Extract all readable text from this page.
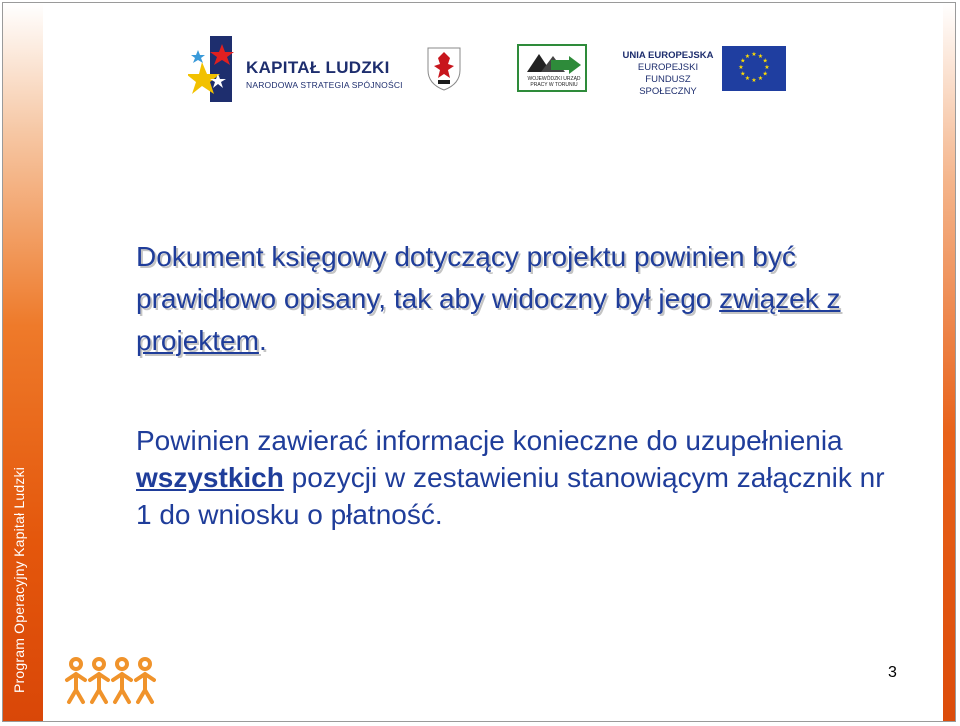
Program Operacyjny Kapitał Ludzki
KAPITAŁ LUDZKI
NARODOWA STRATEGIA SPÓJNOŚCI
WOJEWÓDZKI URZĄD PRACY W TORUNIU
UNIA EUROPEJSKA
EUROPEJSKI
FUNDUSZ SPOŁECZNY
★ ★
★
★
★
★
★
★
★
★
★
★
Dokument księgowy dotyczący projektu powinien być prawidłowo opisany, tak aby widoczny był jego związek z projektem.
Powinien zawierać informacje konieczne do uzupełnienia wszystkich pozycji w zestawieniu stanowiącym załącznik nr 1 do wniosku o płatność.
3
